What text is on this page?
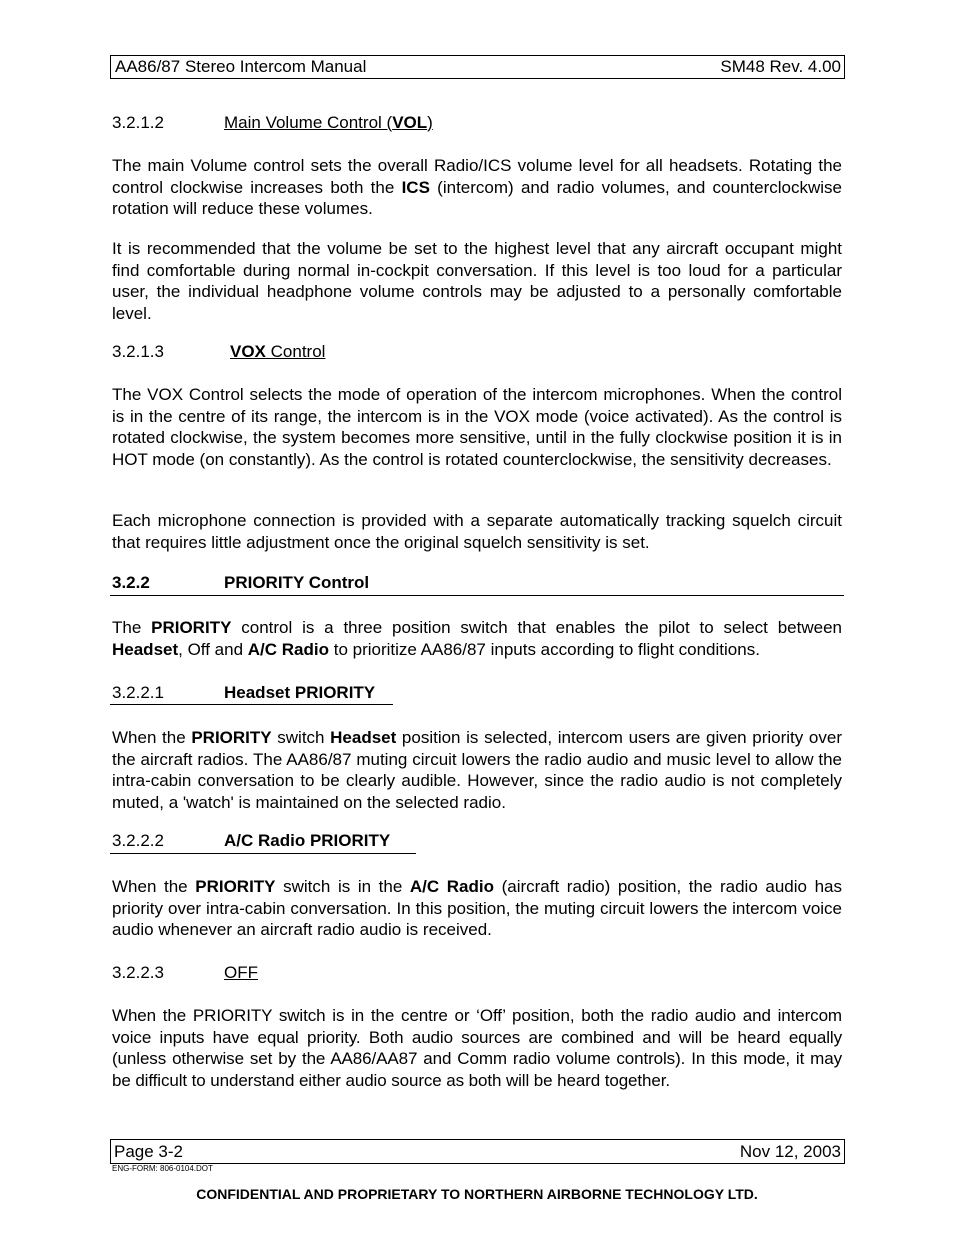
AA86/87 Stereo Intercom Manual	SM48 Rev. 4.00
3.2.1.2	Main Volume Control (VOL)

The main Volume control sets the overall Radio/ICS volume level for all headsets. Rotating the control clockwise increases both the ICS (intercom) and radio volumes, and counterclockwise rotation will reduce these volumes.

It is recommended that the volume be set to the highest level that any aircraft occupant might find comfortable during normal in-cockpit conversation. If this level is too loud for a particular user, the individual headphone volume controls may be adjusted to a personally comfortable level.

3.2.1.3	VOX Control

The VOX Control selects the mode of operation of the intercom microphones. When the control is in the centre of its range, the intercom is in the VOX mode (voice activated). As the control is rotated clockwise, the system becomes more sensitive, until in the fully clockwise position it is in HOT mode (on constantly). As the control is rotated counterclockwise, the sensitivity decreases.

Each microphone connection is provided with a separate automatically tracking squelch circuit that requires little adjustment once the original squelch sensitivity is set.

3.2.2	PRIORITY Control

The PRIORITY control is a three position switch that enables the pilot to select between Headset, Off and A/C Radio to prioritize AA86/87 inputs according to flight conditions.

3.2.2.1	Headset PRIORITY

When the PRIORITY switch Headset position is selected, intercom users are given priority over the aircraft radios. The AA86/87 muting circuit lowers the radio audio and music level to allow the intra-cabin conversation to be clearly audible. However, since the radio audio is not completely muted, a 'watch' is maintained on the selected radio.

3.2.2.2	A/C Radio PRIORITY

When the PRIORITY switch is in the A/C Radio (aircraft radio) position, the radio audio has priority over intra-cabin conversation. In this position, the muting circuit lowers the intercom voice audio whenever an aircraft radio audio is received.

3.2.2.3	OFF

When the PRIORITY switch is in the centre or ‘Off’ position, both the radio audio and intercom voice inputs have equal priority. Both audio sources are combined and will be heard equally (unless otherwise set by the AA86/AA87 and Comm radio volume controls). In this mode, it may be difficult to understand either audio source as both will be heard together.

Page 3-2	Nov 12, 2003
ENG-FORM: 806-0104.DOT
CONFIDENTIAL AND PROPRIETARY TO NORTHERN AIRBORNE TECHNOLOGY LTD.
